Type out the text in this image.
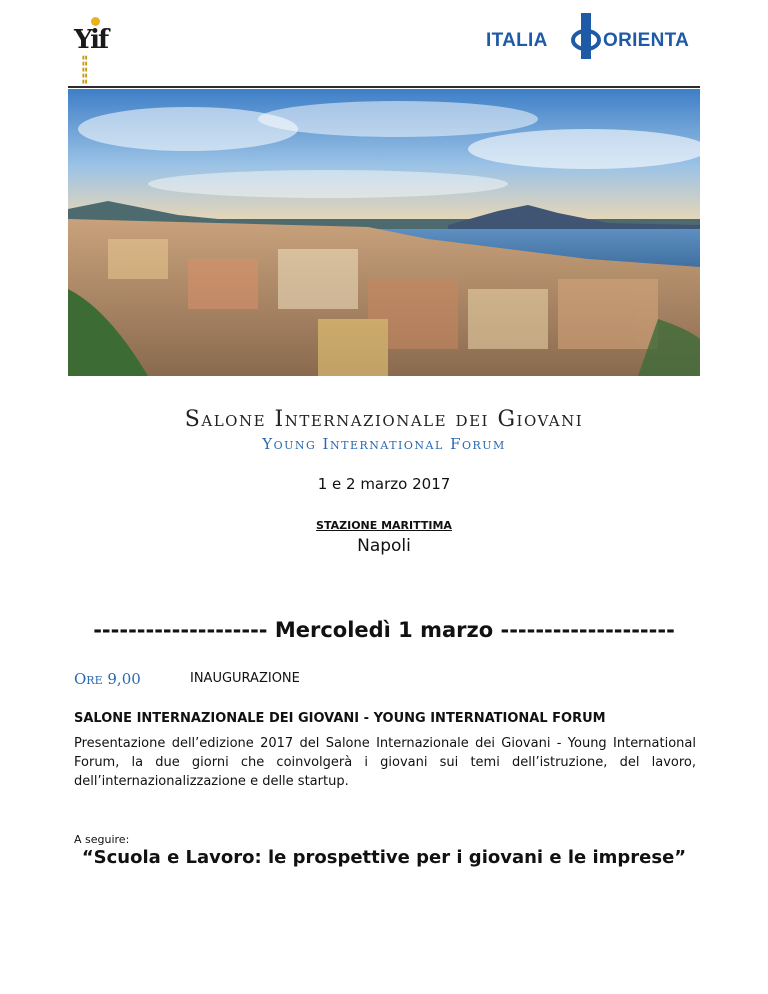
Yif
▮▮
▮▮
▮▮
▮▮
▮▮
ITALIA	ORIENTA
Salone Internazionale dei Giovani
Young International Forum
1 e 2 marzo 2017
STAZIONE MARITTIMA
Napoli
-------------------- Mercoledì 1 marzo --------------------
Ore 9,00	INAUGURAZIONE
SALONE INTERNAZIONALE DEI GIOVANI - YOUNG INTERNATIONAL FORUM
Presentazione dell’edizione 2017 del Salone Internazionale dei Giovani - Young International Forum, la due giorni che coinvolgerà i giovani sui temi dell’istruzione, del lavoro, dell’internazionalizzazione e delle startup.
A seguire:
“Scuola e Lavoro: le prospettive per i giovani e le imprese”
